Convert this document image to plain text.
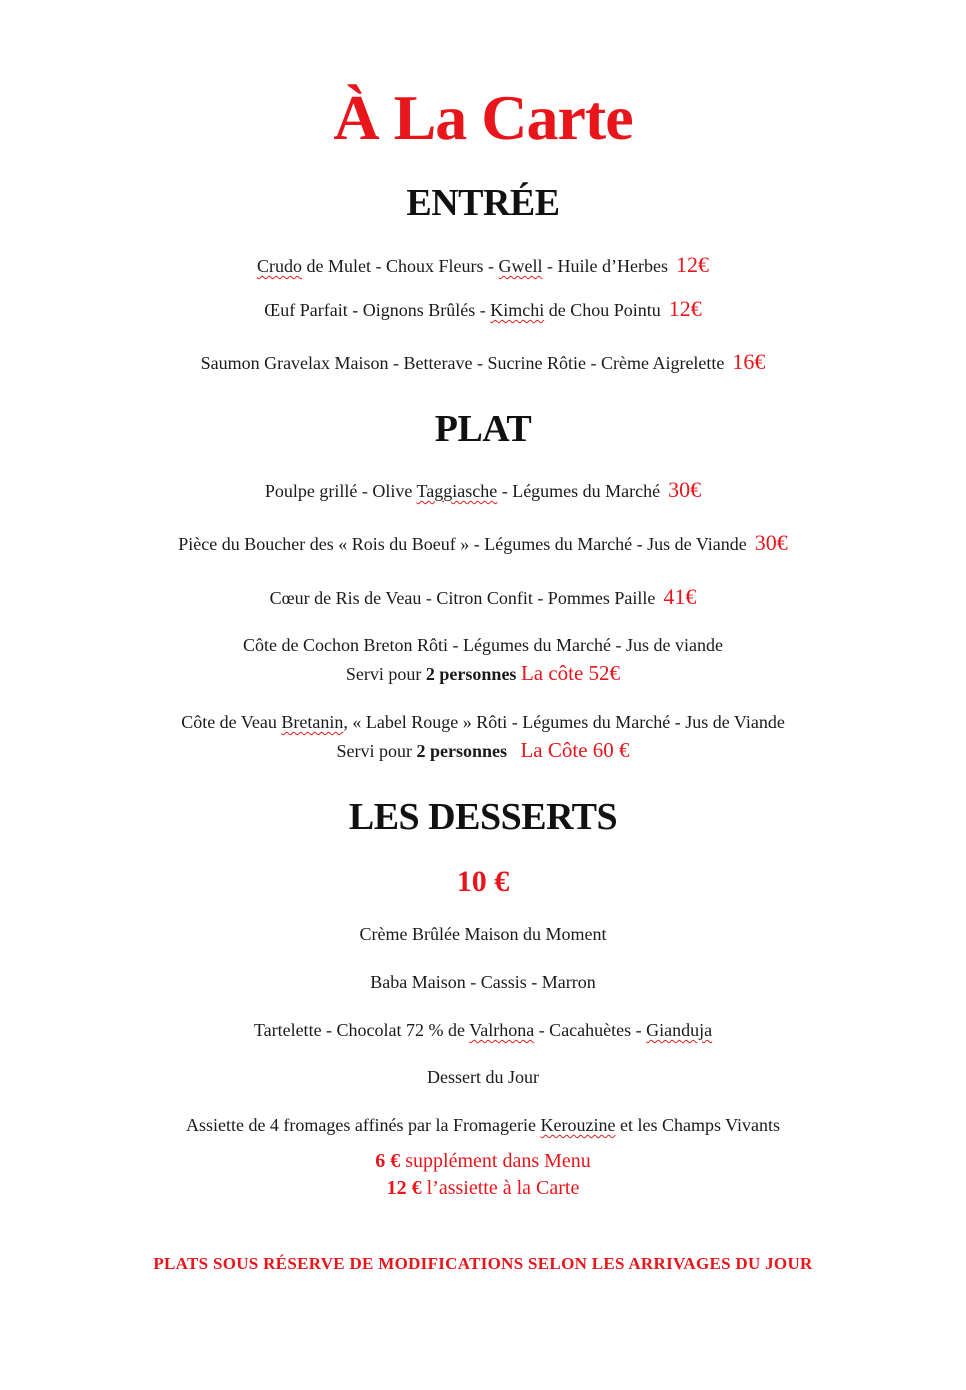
À La Carte
ENTRÉE
Crudo de Mulet - Choux Fleurs - Gwell - Huile d’Herbes 12€
Œuf Parfait - Oignons Brûlés - Kimchi de Chou Pointu 12€
Saumon Gravelax Maison - Betterave - Sucrine Rôtie - Crème Aigrelette 16€
PLAT
Poulpe grillé - Olive Taggiasche - Légumes du Marché 30€
Pièce du Boucher des « Rois du Boeuf » - Légumes du Marché - Jus de Viande 30€
Cœur de Ris de Veau - Citron Confit - Pommes Paille 41€
Côte de Cochon Breton Rôti - Légumes du Marché - Jus de viande
Servi pour 2 personnes La côte 52€
Côte de Veau Bretanin, « Label Rouge » Rôti - Légumes du Marché - Jus de Viande
Servi pour 2 personnes La Côte 60 €
LES DESSERTS
10 €
Crème Brûlée Maison du Moment
Baba Maison - Cassis - Marron
Tartelette - Chocolat 72 % de Valrhona - Cacahuètes - Gianduja
Dessert du Jour
Assiette de 4 fromages affinés par la Fromagerie Kerouzine et les Champs Vivants
6 € supplément dans Menu
12 € l’assiette à la Carte
PLATS SOUS RÉSERVE DE MODIFICATIONS SELON LES ARRIVAGES DU JOUR
